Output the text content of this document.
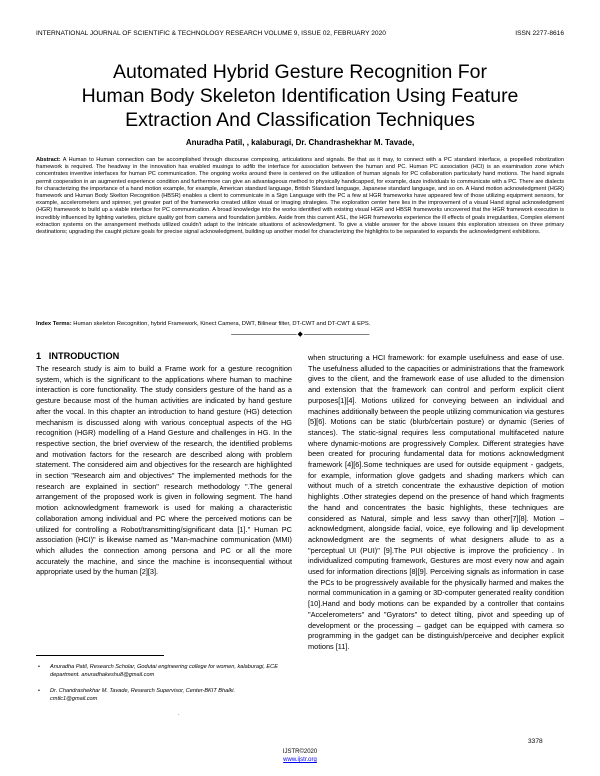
INTERNATIONAL JOURNAL OF SCIENTIFIC & TECHNOLOGY RESEARCH VOLUME 9, ISSUE 02, FEBRUARY 2020	ISSN 2277-8616
Automated Hybrid Gesture Recognition For
Human Body Skeleton Identification Using Feature
Extraction And Classification Techniques
Anuradha Patil, , kalaburagi, Dr. Chandrashekhar M. Tavade,
Abstract: A Human to Human connection can be accomplished through discourse composing, articulations and signals. Be that as it may, to connect with a PC standard interface, a propelled robotization framework is required. The headway in the innovation has enabled musings to adfib the interface for association between the human and PC. Human PC association (HCI) is an examination zone which concentrates inventive interfaces for human PC communication. The ongoing works around there is centered on the utilization of human signals for PC collaboration particularly hand motions. The hand signals permit cooperation in an augmented experience condition and furthermore can give an advantageous method to physically handicapped, for example, daze individuals to communicate with a PC. There are dialects for characterizing the importance of a hand motion example, for example, American standard language, British Standard language, Japanese standard language, and so on. A Hand motion acknowledgment (HGR) framework and Human Body Skelton Recognition (HBSR) enables a client to communicate in a Sign Language with the PC a few at HGR frameworks have appeared few of those utilizing equipment sensors, for example, accelerometers and spinner, yet greater part of the frameworks created utilize visual or imaging strategies. The exploration center here lies in the improvement of a visual Hand signal acknowledgment (HGR) framework to build up a viable interface for PC communication. A broad knowledge into the works identified with existing visual HGR and HBSR frameworks uncovered that the HGR framework execution is incredibly influenced by lighting varieties, picture quality got from camera and foundation jumbles. Aside from this current ASL, the HGR frameworks experience the ill effects of goals irregularities, Complex element extraction systems on the arrangement methods utilized couldn't adapt to the intricate situations of acknowledgment. To give a viable answer for the above issues this exploration stresses on three primary destinations; upgrading the caught picture goals for precise signal acknowledgment, building up another model for characterizing the highlights to be separated to expands the acknowledgment exhibitions.
Index Terms: Human skeleton Recognition, hybrid Framework, Kinect Camera, DWT, Bilinear filter, DT-CWT and DT-CWT & EPS.
—————————— ◆ ——————————
1 INTRODUCTION
The research study is aim to build a Frame work for a gesture recognition system, which is the significant to the applications where human to machine interaction is core functionality. The study considers gesture of the hand as a gesture because most of the human activities are indicated by hand gesture after the vocal. In this chapter an introduction to hand gesture (HG) detection mechanism is discussed along with various conceptual aspects of the HG recognition (HGR) modelling of a Hand Gesture and challenges in HG. In the respective section, the brief overview of the research, the identified problems and motivation factors for the research are described along with problem statement. The considered aim and objectives for the research are highlighted in section "Research aim and objectives" The implemented methods for the research are explained in section" research methodology ".The general arrangement of the proposed work is given in following segment. The hand motion acknowledgment framework is used for making a characteristic collaboration among individual and PC where the perceived motions can be utilized for controlling a Robot/transmitting/significant data [1]." Human PC association (HCI)" is likewise named as "Man-machine communication (MMI) which alludes the connection among persona and PC or all the more accurately the machine, and since the machine is inconsequential without appropriate used by the human [2][3].
when structuring a HCI framework: for example usefulness and ease of use. The usefulness alluded to the capacities or administrations that the framework gives to the client, and the framework ease of use alluded to the dimension and extension that the framework can control and perform explicit client purposes[1][4]. Motions utilized for conveying between an individual and machines additionally between the people utilizing communication via gestures [5][6]. Motions can be static (blurb/certain posture) or dynamic (Series of stances). The static-signal requires less computational multifaceted nature where dynamic-motions are progressively Complex. Different strategies have been created for procuring fundamental data for motions acknowledgment framework [4][6].Some techniques are used for outside equipment - gadgets, for example, information glove gadgets and shading markers which can without much of a stretch concentrate the exhaustive depiction of motion highlights .Other strategies depend on the presence of hand which fragments the hand and concentrates the basic highlights, these techniques are considered as Natural, simple and less savvy than other[7][8]. Motion – acknowledgment, alongside facial, voice, eye following and lip development acknowledgment are the segments of what designers allude to as a "perceptual UI (PUI)" [9].The PUI objective is improve the proficiency . In individualized computing framework, Gestures are most every now and again used for information directions [8][9]. Perceiving signals as information in case the PCs to be progressively available for the physically harmed and makes the normal communication in a gaming or 3D-computer generated reality condition [10].Hand and body motions can be expanded by a controller that contains "Accelerometers" and "Gyrators" to detect tilting, pivot and speeding up of development or the processing – gadget can be equipped with camera so programming in the gadget can be distinguish/perceive and decipher explicit motions [11].
• Anuradha Patil, Research Scholar, Godutai engineering college for women, kalaburagi, ECE department. anuradhakeshu8@gmail.com
• Dr. Chandrashekhar M. Tavade, Research Supervisor, Center-BKIT Bhalki. cmtlc1@gmail.com
·
3378
IJSTR©2020
www.ijstr.org
